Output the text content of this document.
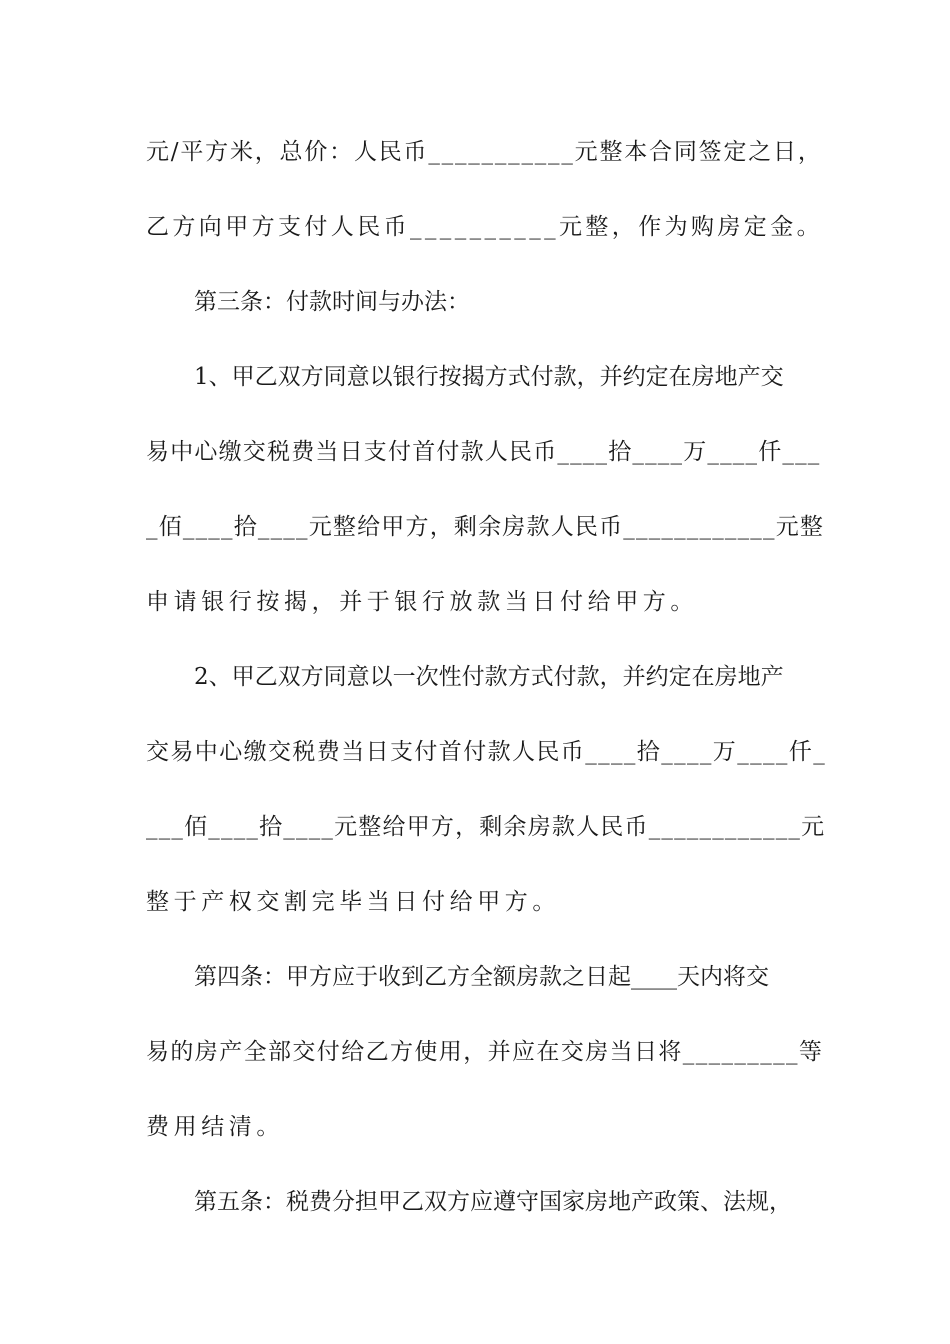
元/平方米，总价：人民币___________元整本合同签定之日，
乙方向甲方支付人民币__________元整，作为购房定金。
第三条：付款时间与办法：
1、甲乙双方同意以银行按揭方式付款，并约定在房地产交
易中心缴交税费当日支付首付款人民币____拾____万____仟___
_佰____拾____元整给甲方，剩余房款人民币____________元整
申请银行按揭，并于银行放款当日付给甲方。
2、甲乙双方同意以一次性付款方式付款，并约定在房地产
交易中心缴交税费当日支付首付款人民币____拾____万____仟_
___佰____拾____元整给甲方，剩余房款人民币____________元
整于产权交割完毕当日付给甲方。
第四条：甲方应于收到乙方全额房款之日起____天内将交
易的房产全部交付给乙方使用，并应在交房当日将_________等
费用结清。
第五条：税费分担甲乙双方应遵守国家房地产政策、法规，
